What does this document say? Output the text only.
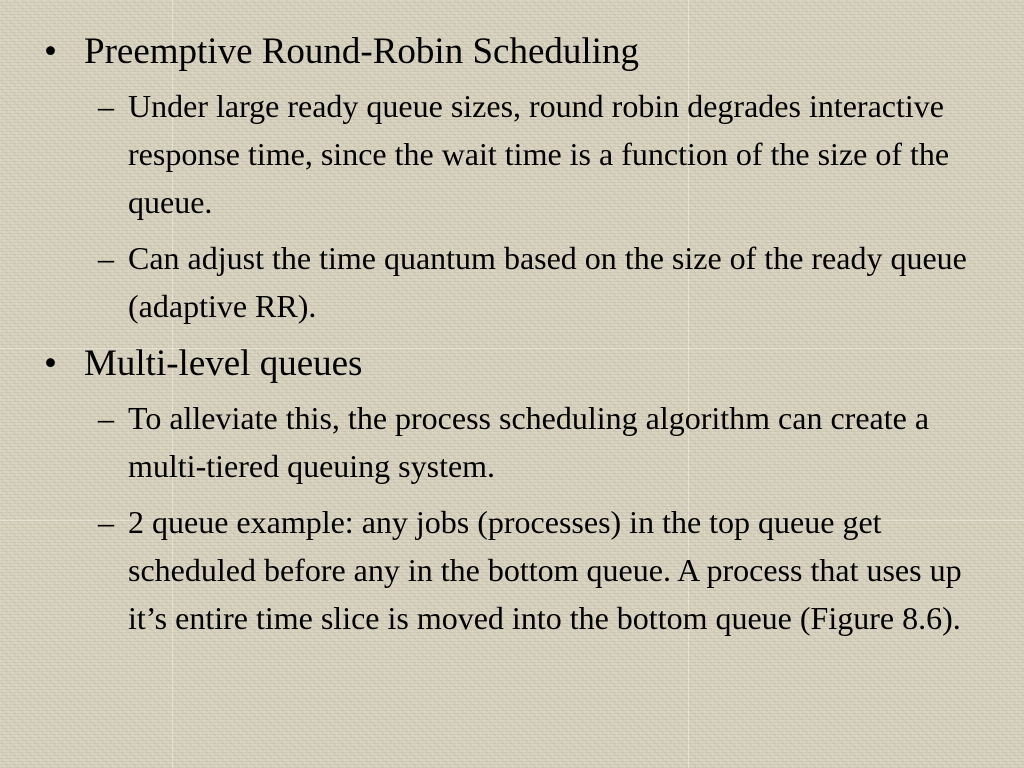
• Preemptive Round-Robin Scheduling
– Under large ready queue sizes, round robin degrades interactive response time, since the wait time is a function of the size of the queue.
– Can adjust the time quantum based on the size of the ready queue (adaptive RR).
• Multi-level queues
– To alleviate this, the process scheduling algorithm can create a multi-tiered queuing system.
– 2 queue example: any jobs (processes) in the top queue get scheduled before any in the bottom queue. A process that uses up it’s entire time slice is moved into the bottom queue (Figure 8.6).
